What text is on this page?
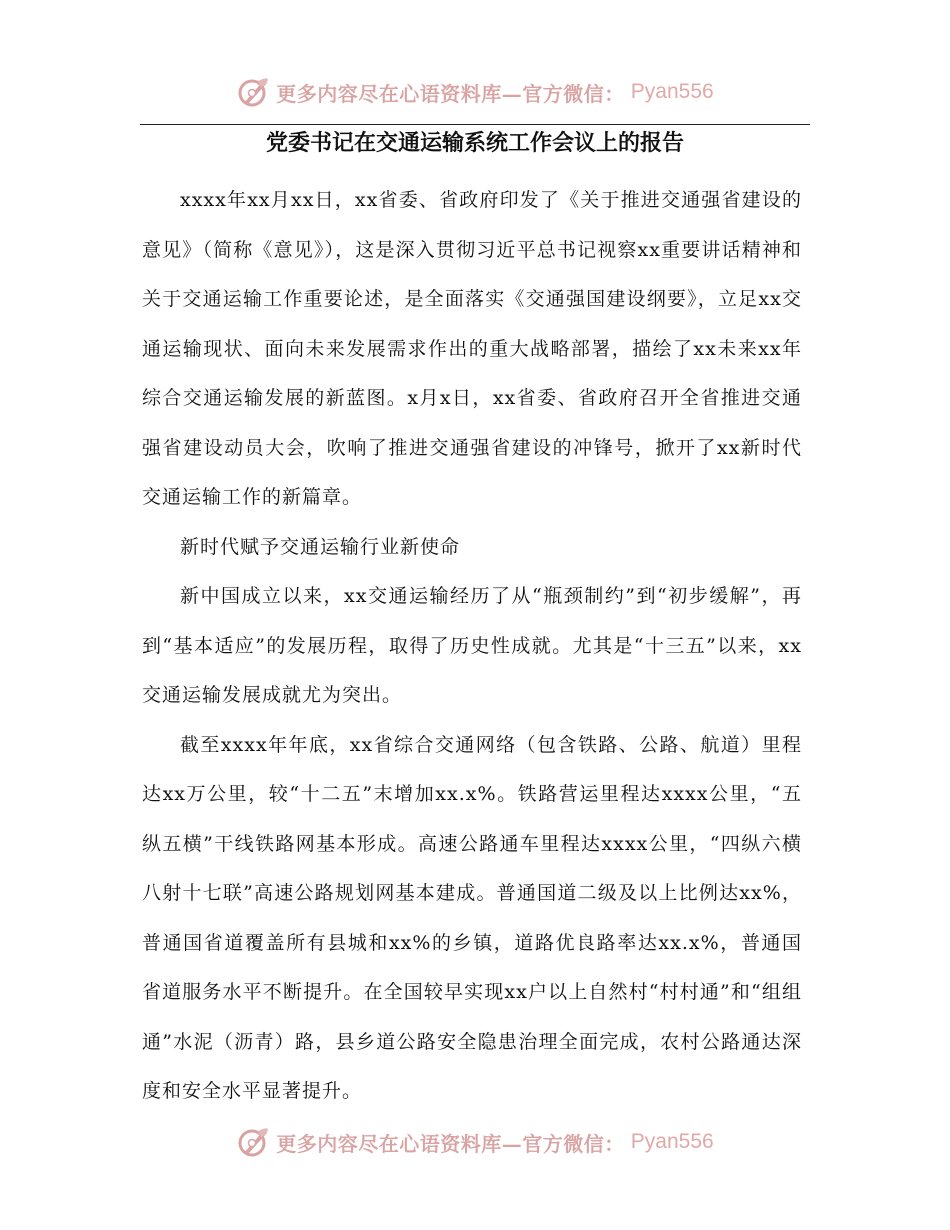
更多内容尽在心语资料库—官方微信： Pyan556
党委书记在交通运输系统工作会议上的报告

xxxx年xx月xx日，xx省委、省政府印发了《关于推进交通强省建设的意见》（简称《意见》），这是深入贯彻习近平总书记视察xx重要讲话精神和关于交通运输工作重要论述，是全面落实《交通强国建设纲要》，立足xx交通运输现状、面向未来发展需求作出的重大战略部署，描绘了xx未来xx年综合交通运输发展的新蓝图。x月x日，xx省委、省政府召开全省推进交通强省建设动员大会，吹响了推进交通强省建设的冲锋号，掀开了xx新时代交通运输工作的新篇章。

新时代赋予交通运输行业新使命

新中国成立以来，xx交通运输经历了从“瓶颈制约”到“初步缓解”，再到“基本适应”的发展历程，取得了历史性成就。尤其是“十三五”以来，xx交通运输发展成就尤为突出。

截至xxxx年年底，xx省综合交通网络（包含铁路、公路、航道）里程达xx万公里，较“十二五”末增加xx.x%。铁路营运里程达xxxx公里，“五纵五横”干线铁路网基本形成。高速公路通车里程达xxxx公里，“四纵六横八射十七联”高速公路规划网基本建成。普通国道二级及以上比例达xx%，普通国省道覆盖所有县城和xx%的乡镇，道路优良路率达xx.x%，普通国省道服务水平不断提升。在全国较早实现xx户以上自然村“村村通”和“组组通”水泥（沥青）路，县乡道公路安全隐患治理全面完成，农村公路通达深度和安全水平显著提升。

更多内容尽在心语资料库—官方微信： Pyan556
